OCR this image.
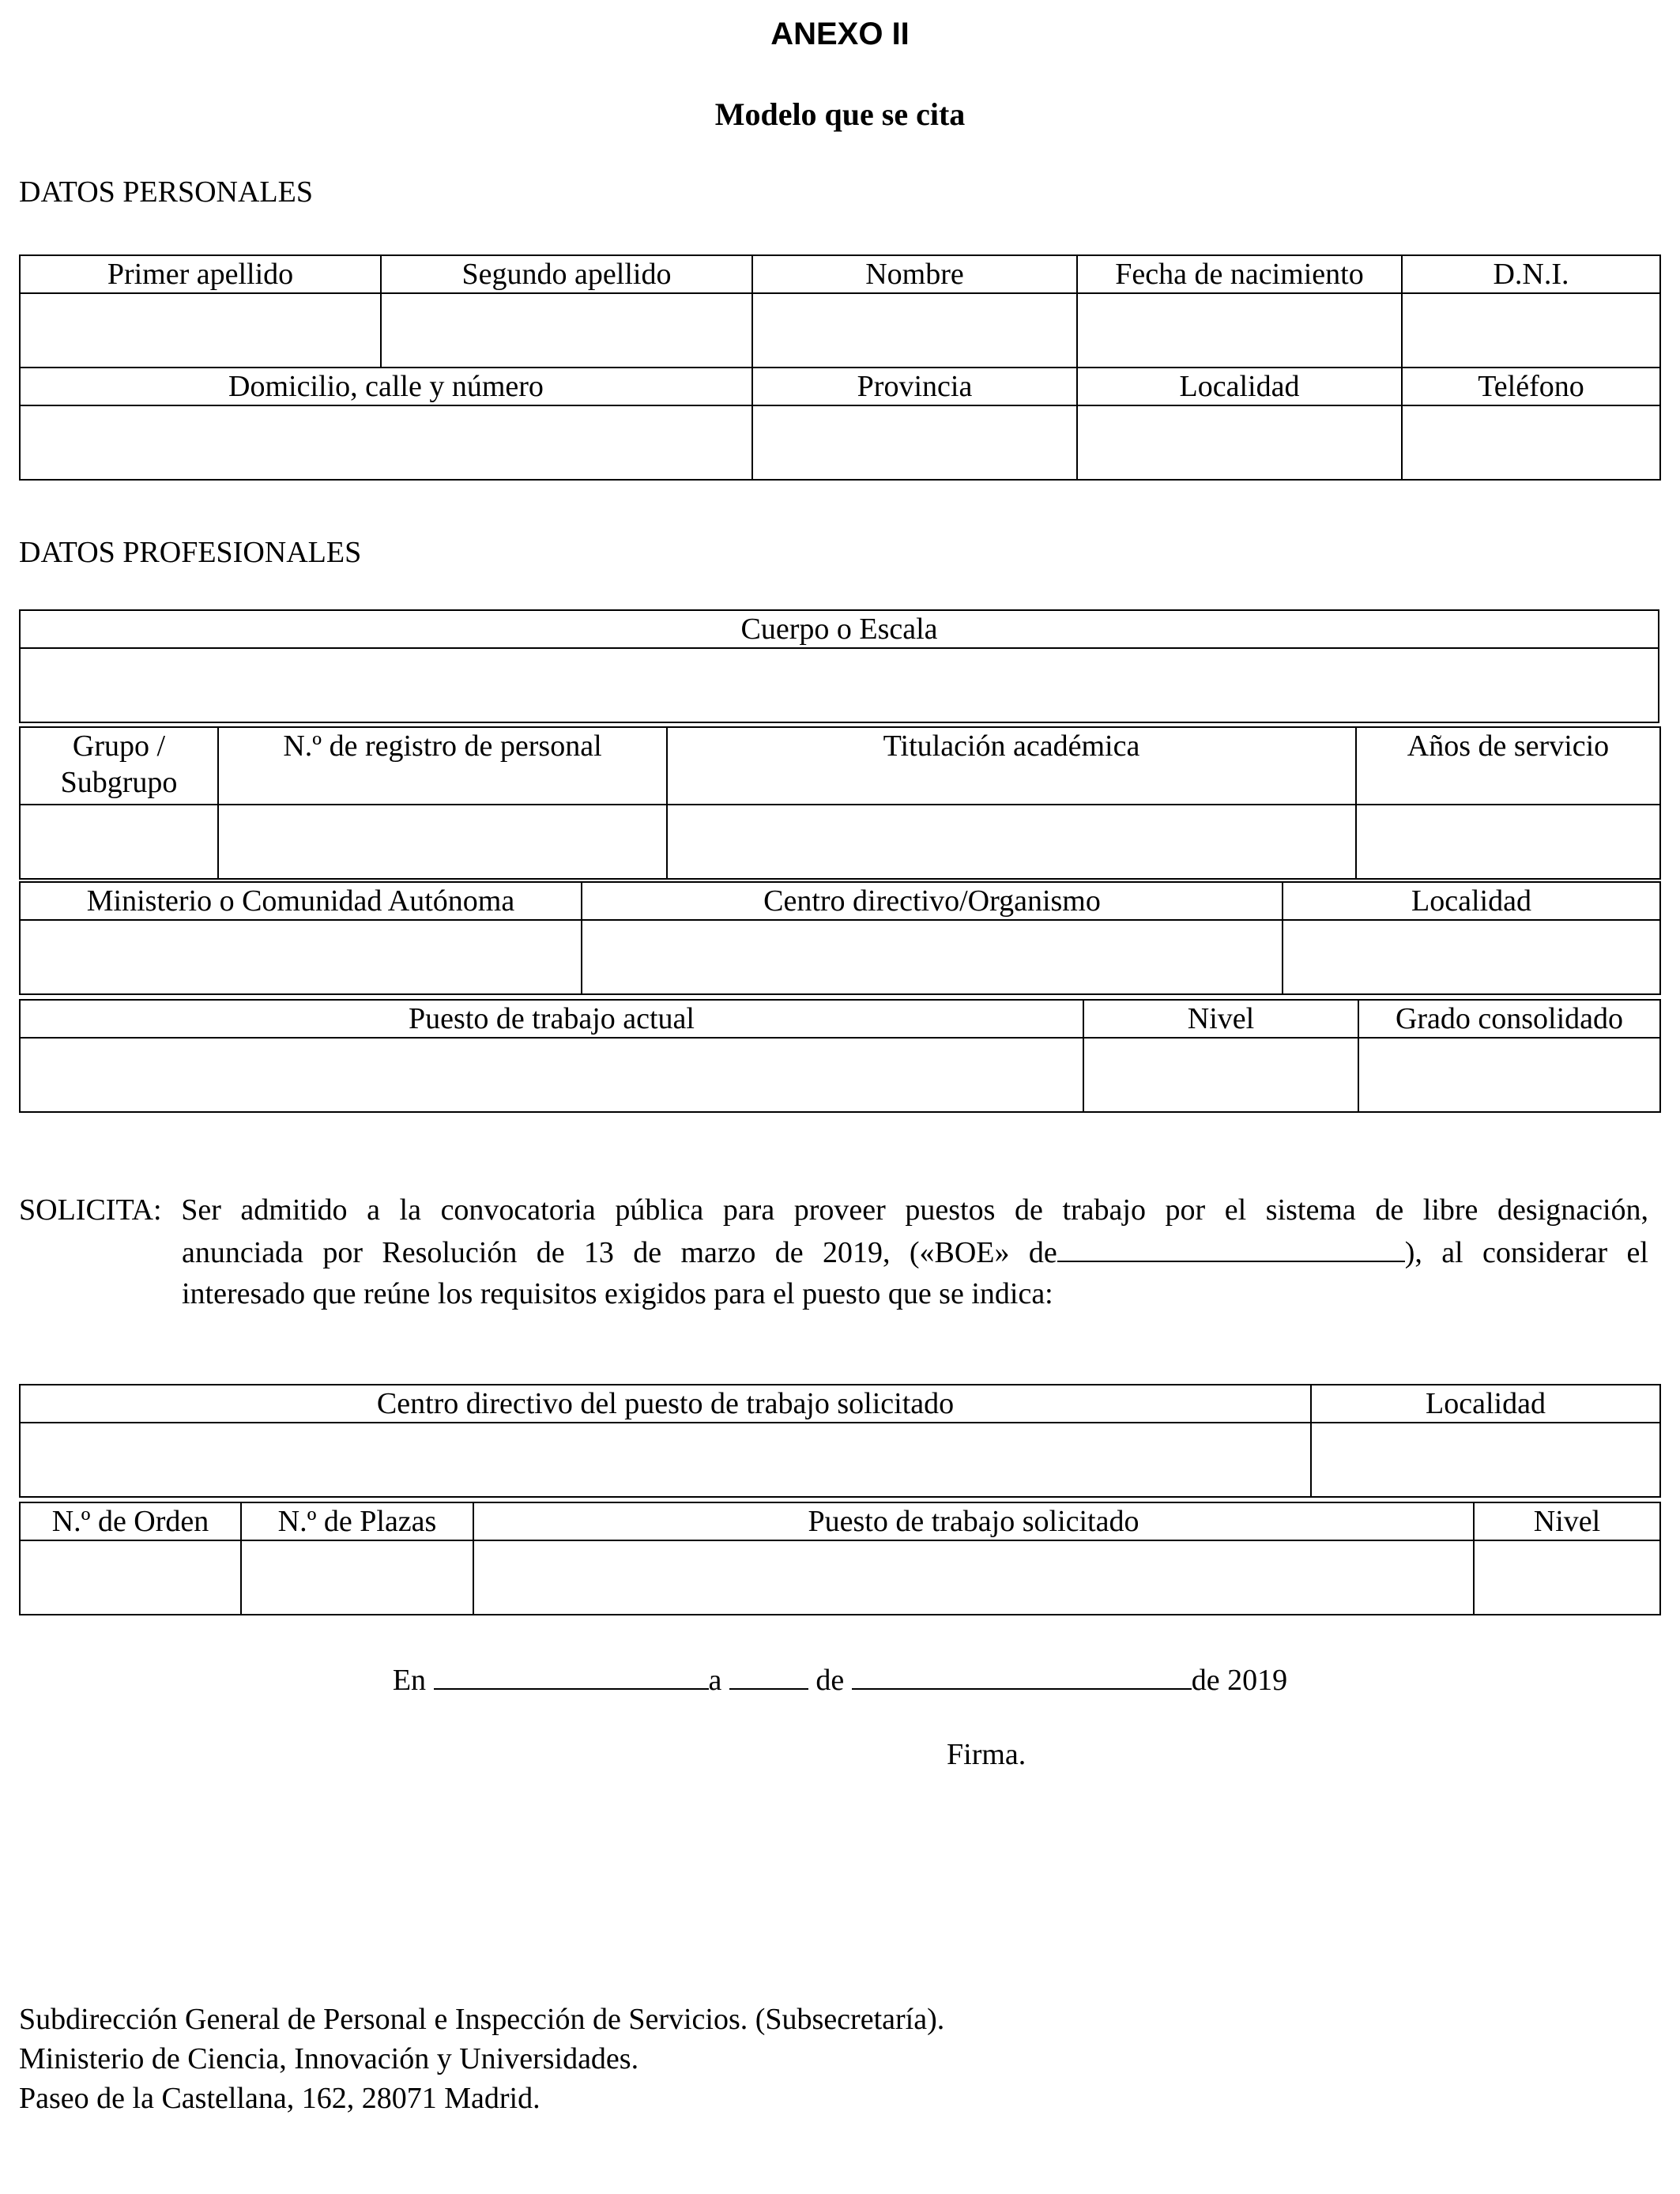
ANEXO II
Modelo que se cita
DATOS PERSONALES
Primer apellido	Segundo apellido	Nombre	Fecha de nacimiento	D.N.I.

Domicilio, calle y número		Provincia	Localidad	Teléfono

DATOS PROFESIONALES
Cuerpo o Escala

Grupo / Subgrupo	N.º de registro de personal	Titulación académica	Años de servicio

Ministerio o Comunidad Autónoma	Centro directivo/Organismo	Localidad

Puesto de trabajo actual	Nivel	Grado consolidado

SOLICITA: Ser admitido a la convocatoria pública para proveer puestos de trabajo por el sistema de libre designación,
anunciada por Resolución de 13 de marzo de 2019, («BOE» de	), al considerar el
interesado que reúne los requisitos exigidos para el puesto que se indica:
Centro directivo del puesto de trabajo solicitado	Localidad

N.º de Orden	N.º de Plazas	Puesto de trabajo solicitado	Nivel

En	a	de	de 2019
Firma.
Subdirección General de Personal e Inspección de Servicios. (Subsecretaría).
Ministerio de Ciencia, Innovación y Universidades.
Paseo de la Castellana, 162, 28071 Madrid.
